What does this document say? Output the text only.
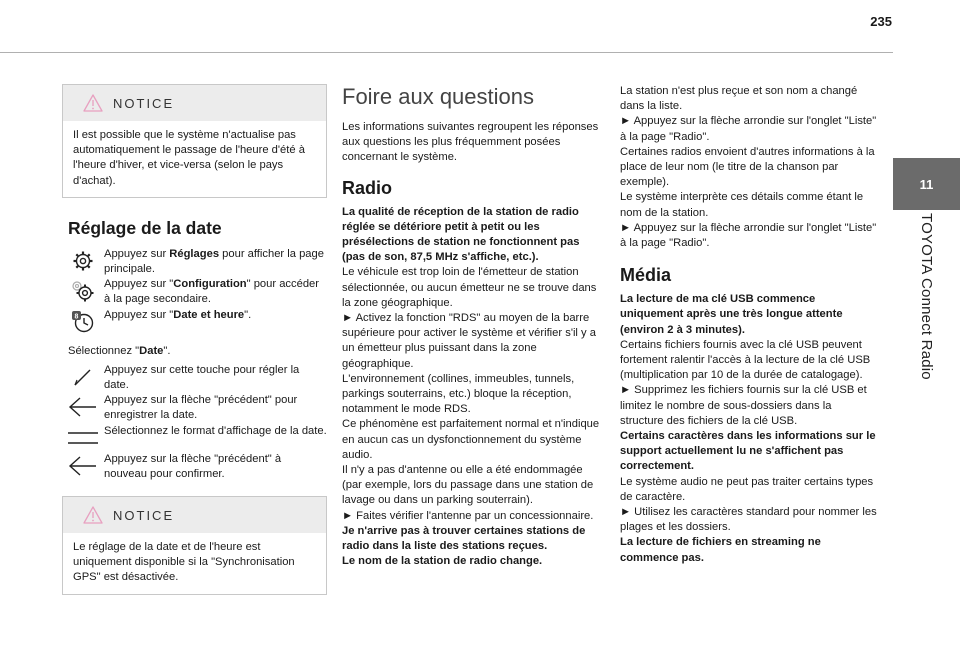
235
11
TOYOTA Connect Radio
NOTICE
Il est possible que le système n'actualise pas automatiquement le passage de l'heure d'été à l'heure d'hiver, et vice-versa (selon le pays d'achat).
Réglage de la date
Appuyez sur Réglages pour afficher la page principale.
Appuyez sur "Configuration" pour accéder à la page secondaire.
8 Appuyez sur "Date et heure".
Sélectionnez "Date".
Appuyez sur cette touche pour régler la date.
Appuyez sur la flèche "précédent" pour enregistrer la date.
Sélectionnez le format d'affichage de la date.
Appuyez sur la flèche "précédent" à nouveau pour confirmer.
NOTICE
Le réglage de la date et de l'heure est uniquement disponible si la "Synchronisation GPS" est désactivée.
Foire aux questions

Les informations suivantes regroupent les réponses aux questions les plus fréquemment posées concernant le système.

Radio

La qualité de réception de la station de radio réglée se détériore petit à petit ou les présélections de station ne fonctionnent pas (pas de son, 87,5 MHz s'affiche, etc.).

Le véhicule est trop loin de l'émetteur de station sélectionnée, ou aucun émetteur ne se trouve dans la zone géographique.

► Activez la fonction "RDS" au moyen de la barre supérieure pour activer le système et vérifier s'il y a un émetteur plus puissant dans la zone géographique.

L'environnement (collines, immeubles, tunnels, parkings souterrains, etc.) bloque la réception, notamment le mode RDS.

Ce phénomène est parfaitement normal et n'indique en aucun cas un dysfonctionnement du système audio.

Il n'y a pas d'antenne ou elle a été endommagée (par exemple, lors du passage dans une station de lavage ou dans un parking souterrain).

► Faites vérifier l'antenne par un concessionnaire.

Je n'arrive pas à trouver certaines stations de radio dans la liste des stations reçues.

Le nom de la station de radio change.

La station n'est plus reçue et son nom a changé dans la liste.

► Appuyez sur la flèche arrondie sur l'onglet "Liste" à la page "Radio".

Certaines radios envoient d'autres informations à la place de leur nom (le titre de la chanson par exemple).

Le système interprète ces détails comme étant le nom de la station.

► Appuyez sur la flèche arrondie sur l'onglet "Liste" à la page "Radio".

Média

La lecture de ma clé USB commence uniquement après une très longue attente (environ 2 à 3 minutes).

Certains fichiers fournis avec la clé USB peuvent fortement ralentir l'accès à la lecture de la clé USB (multiplication par 10 de la durée de catalogage).

► Supprimez les fichiers fournis sur la clé USB et limitez le nombre de sous-dossiers dans la structure des fichiers de la clé USB.

Certains caractères dans les informations sur le support actuellement lu ne s'affichent pas correctement.

Le système audio ne peut pas traiter certains types de caractère.

► Utilisez les caractères standard pour nommer les plages et les dossiers.

La lecture de fichiers en streaming ne commence pas.
